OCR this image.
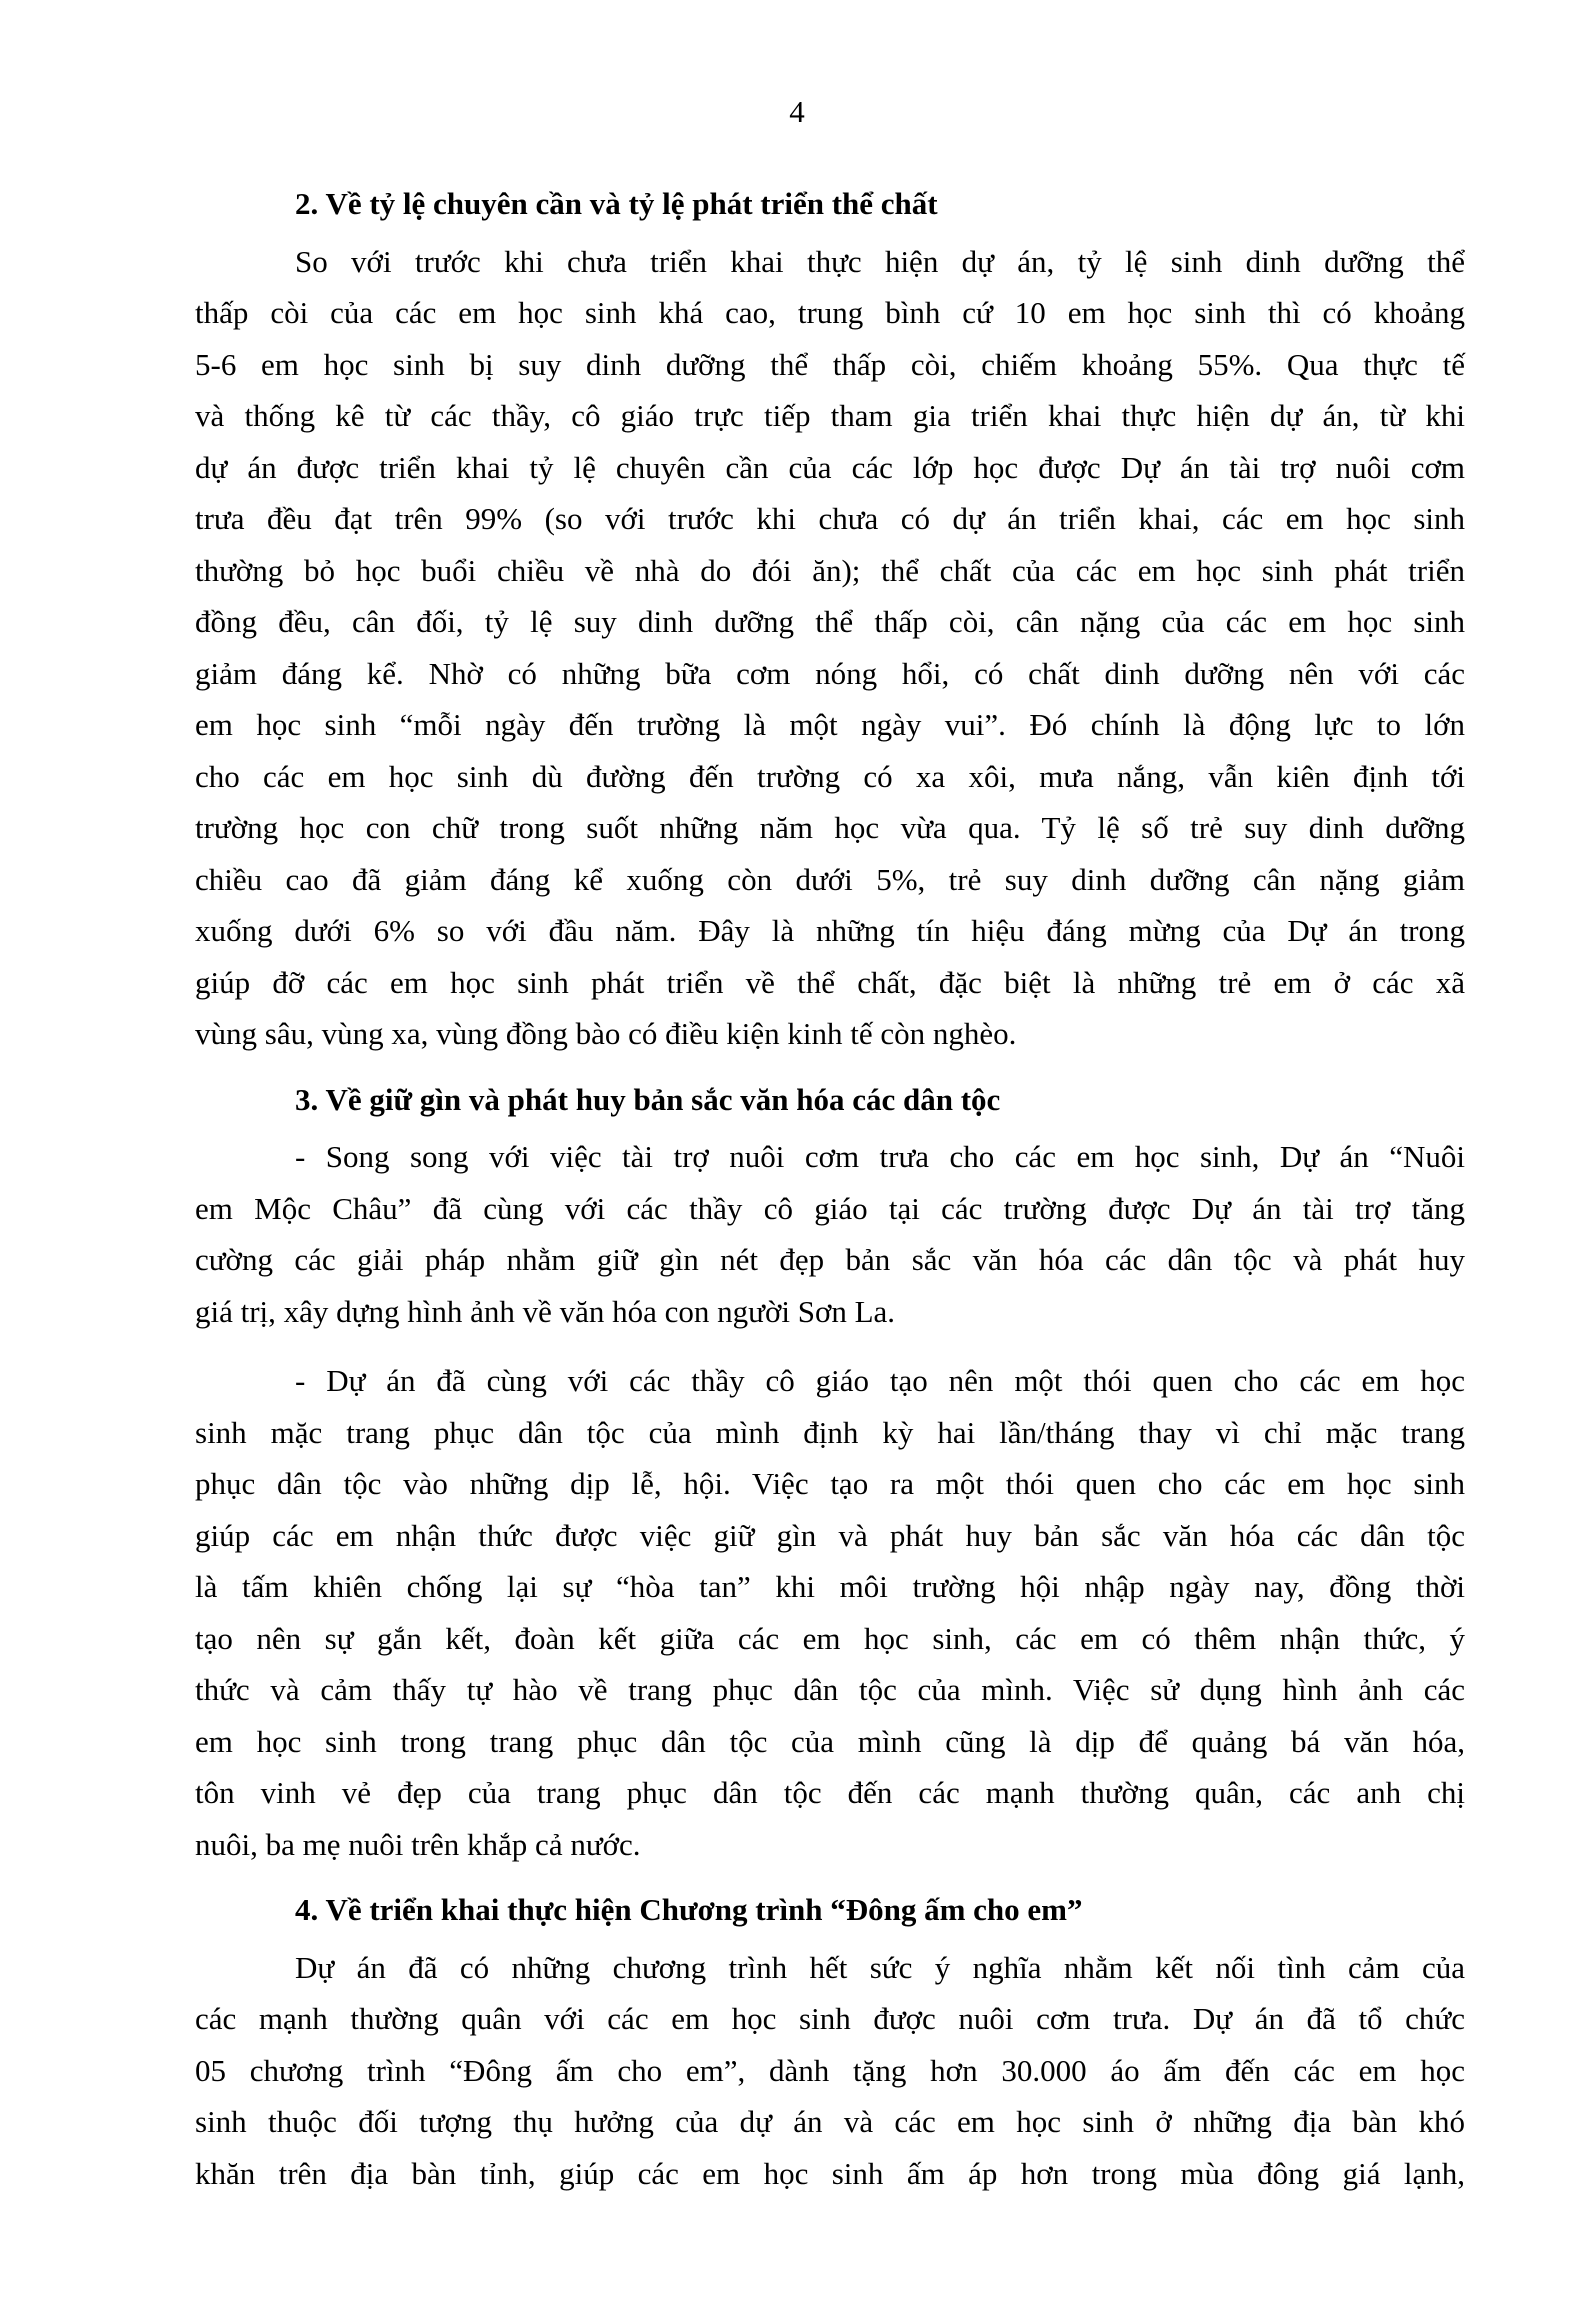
4
2. Về tỷ lệ chuyên cần và tỷ lệ phát triển thể chất
So với trước khi chưa triển khai thực hiện dự án, tỷ lệ sinh dinh dưỡng thể
thấp còi của các em học sinh khá cao, trung bình cứ 10 em học sinh thì có khoảng
5-6 em học sinh bị suy dinh dưỡng thể thấp còi, chiếm khoảng 55%. Qua thực tế
và thống kê từ các thầy, cô giáo trực tiếp tham gia triển khai thực hiện dự án, từ khi
dự án được triển khai tỷ lệ chuyên cần của các lớp học được Dự án tài trợ nuôi cơm
trưa đều đạt trên 99% (so với trước khi chưa có dự án triển khai, các em học sinh
thường bỏ học buổi chiều về nhà do đói ăn); thể chất của các em học sinh phát triển
đồng đều, cân đối, tỷ lệ suy dinh dưỡng thể thấp còi, cân nặng của các em học sinh
giảm đáng kể. Nhờ có những bữa cơm nóng hổi, có chất dinh dưỡng nên với các
em học sinh “mỗi ngày đến trường là một ngày vui”. Đó chính là động lực to lớn
cho các em học sinh dù đường đến trường có xa xôi, mưa nắng, vẫn kiên định tới
trường học con chữ trong suốt những năm học vừa qua. Tỷ lệ số trẻ suy dinh dưỡng
chiều cao đã giảm đáng kể xuống còn dưới 5%, trẻ suy dinh dưỡng cân nặng giảm
xuống dưới 6% so với đầu năm. Đây là những tín hiệu đáng mừng của Dự án trong
giúp đỡ các em học sinh phát triển về thể chất, đặc biệt là những trẻ em ở các xã
vùng sâu, vùng xa, vùng đồng bào có điều kiện kinh tế còn nghèo.
3. Về giữ gìn và phát huy bản sắc văn hóa các dân tộc
- Song song với việc tài trợ nuôi cơm trưa cho các em học sinh, Dự án “Nuôi
em Mộc Châu” đã cùng với các thầy cô giáo tại các trường được Dự án tài trợ tăng
cường các giải pháp nhằm giữ gìn nét đẹp bản sắc văn hóa các dân tộc và phát huy
giá trị, xây dựng hình ảnh về văn hóa con người Sơn La.
- Dự án đã cùng với các thầy cô giáo tạo nên một thói quen cho các em học
sinh mặc trang phục dân tộc của mình định kỳ hai lần/tháng thay vì chỉ mặc trang
phục dân tộc vào những dịp lễ, hội. Việc tạo ra một thói quen cho các em học sinh
giúp các em nhận thức được việc giữ gìn và phát huy bản sắc văn hóa các dân tộc
là tấm khiên chống lại sự “hòa tan” khi môi trường hội nhập ngày nay, đồng thời
tạo nên sự gắn kết, đoàn kết giữa các em học sinh, các em có thêm nhận thức, ý
thức và cảm thấy tự hào về trang phục dân tộc của mình. Việc sử dụng hình ảnh các
em học sinh trong trang phục dân tộc của mình cũng là dịp để quảng bá văn hóa,
tôn vinh vẻ đẹp của trang phục dân tộc đến các mạnh thường quân, các anh chị
nuôi, ba mẹ nuôi trên khắp cả nước.
4. Về triển khai thực hiện Chương trình “Đông ấm cho em”
Dự án đã có những chương trình hết sức ý nghĩa nhằm kết nối tình cảm của
các mạnh thường quân với các em học sinh được nuôi cơm trưa. Dự án đã tổ chức
05 chương trình “Đông ấm cho em”, dành tặng hơn 30.000 áo ấm đến các em học
sinh thuộc đối tượng thụ hưởng của dự án và các em học sinh ở những địa bàn khó
khăn trên địa bàn tỉnh, giúp các em học sinh ấm áp hơn trong mùa đông giá lạnh,
